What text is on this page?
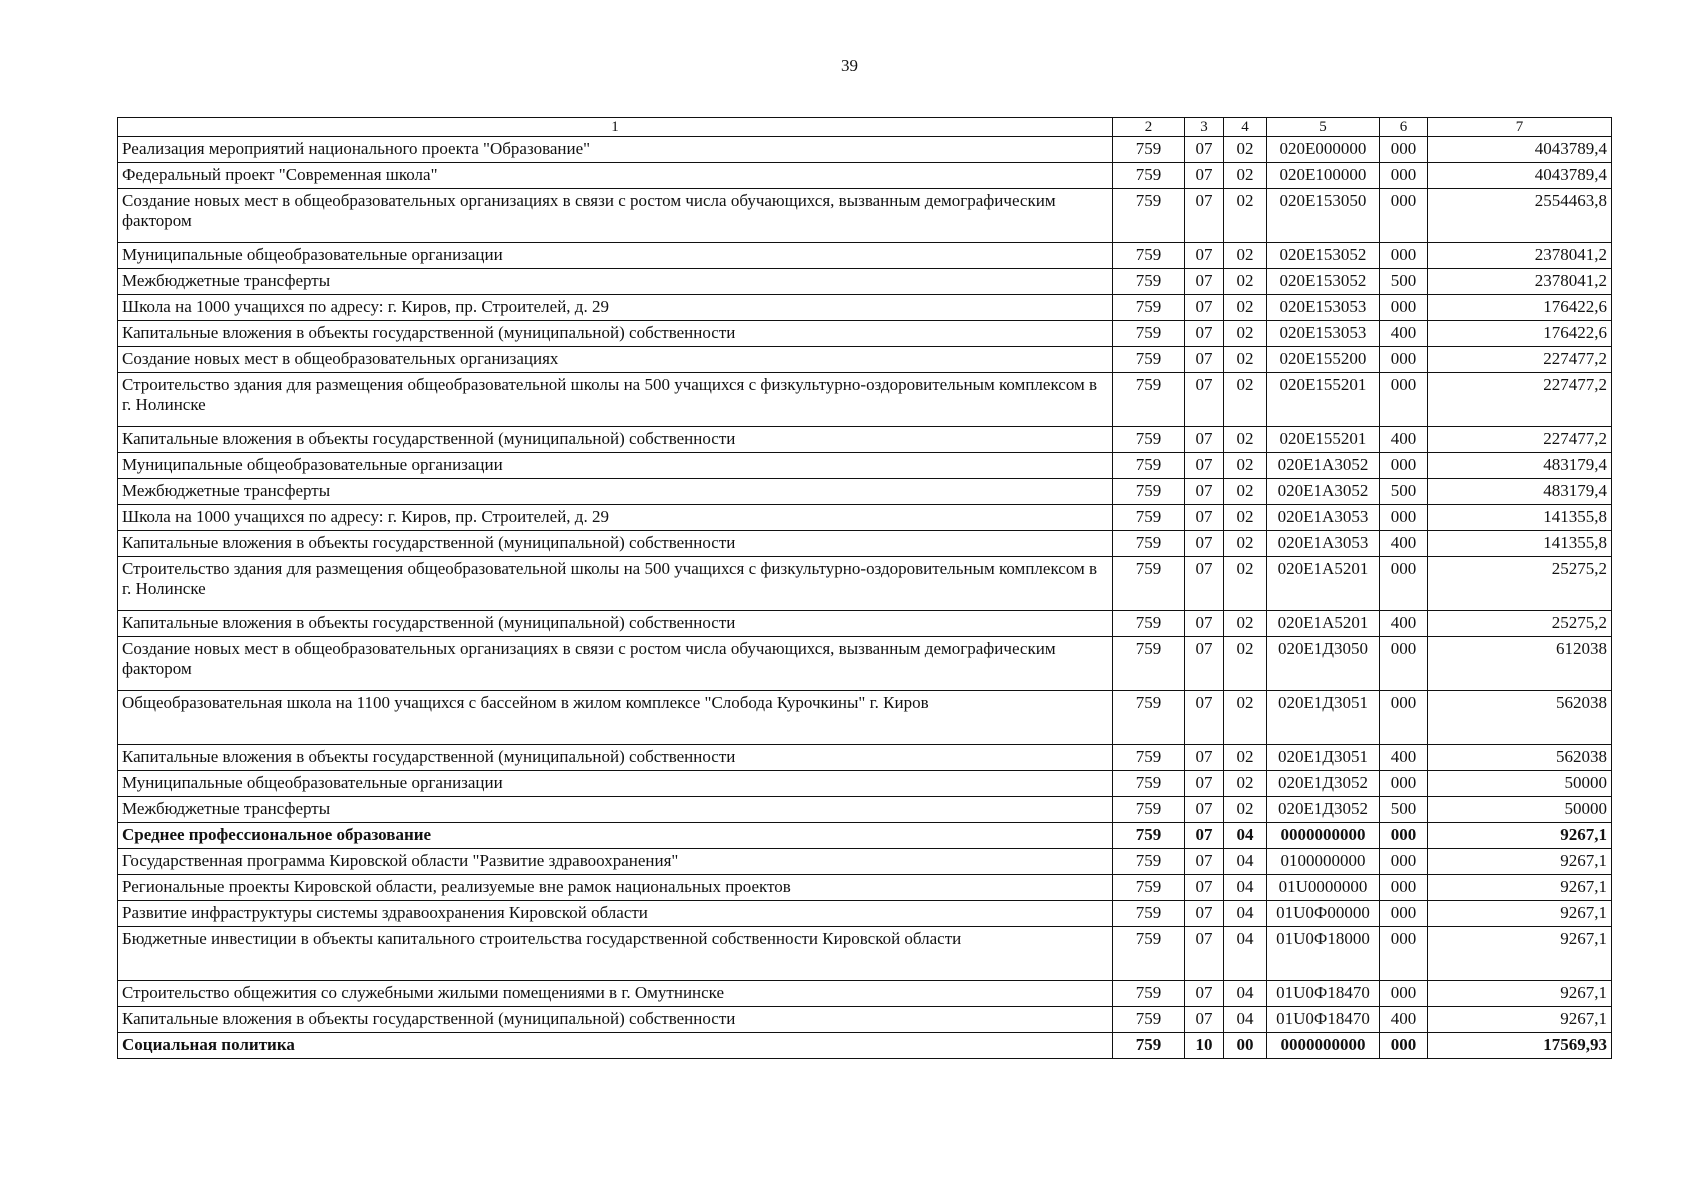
39
1	2	3	4	5	6	7
Реализация мероприятий национального проекта "Образование"	759	07	02	020E000000	000	4043789,4
Федеральный проект "Современная школа"	759	07	02	020E100000	000	4043789,4
Создание новых мест в общеобразовательных организациях в связи с ростом числа обучающихся, вызванным демографическим фактором	759	07	02	020E153050	000	2554463,8
Муниципальные общеобразовательные организации	759	07	02	020E153052	000	2378041,2
Межбюджетные трансферты	759	07	02	020E153052	500	2378041,2
Школа на 1000 учащихся по адресу: г. Киров, пр. Строителей, д. 29	759	07	02	020E153053	000	176422,6
Капитальные вложения в объекты государственной (муниципальной) собственности	759	07	02	020E153053	400	176422,6
Создание новых мест в общеобразовательных организациях	759	07	02	020E155200	000	227477,2
Строительство здания для размещения общеобразовательной школы на 500 учащихся с физкультурно-оздоровительным комплексом в г. Нолинске	759	07	02	020E155201	000	227477,2
Капитальные вложения в объекты государственной (муниципальной) собственности	759	07	02	020E155201	400	227477,2
Муниципальные общеобразовательные организации	759	07	02	020E1A3052	000	483179,4
Межбюджетные трансферты	759	07	02	020E1A3052	500	483179,4
Школа на 1000 учащихся по адресу: г. Киров, пр. Строителей, д. 29	759	07	02	020E1A3053	000	141355,8
Капитальные вложения в объекты государственной (муниципальной) собственности	759	07	02	020E1A3053	400	141355,8
Строительство здания для размещения общеобразовательной школы на 500 учащихся с физкультурно-оздоровительным комплексом в г. Нолинске	759	07	02	020E1A5201	000	25275,2
Капитальные вложения в объекты государственной (муниципальной) собственности	759	07	02	020E1A5201	400	25275,2
Создание новых мест в общеобразовательных организациях в связи с ростом числа обучающихся, вызванным демографическим фактором	759	07	02	020E1Д3050	000	612038
Общеобразовательная школа на 1100 учащихся с бассейном в жилом комплексе "Слобода Курочкины" г. Киров	759	07	02	020E1Д3051	000	562038
Капитальные вложения в объекты государственной (муниципальной) собственности	759	07	02	020E1Д3051	400	562038
Муниципальные общеобразовательные организации	759	07	02	020E1Д3052	000	50000
Межбюджетные трансферты	759	07	02	020E1Д3052	500	50000
Среднее профессиональное образование	759	07	04	0000000000	000	9267,1
Государственная программа Кировской области "Развитие здравоохранения"	759	07	04	0100000000	000	9267,1
Региональные проекты Кировской области, реализуемые вне рамок национальных проектов	759	07	04	01U0000000	000	9267,1
Развитие инфраструктуры системы здравоохранения Кировской области	759	07	04	01U0Ф00000	000	9267,1
Бюджетные инвестиции в объекты капитального строительства государственной собственности Кировской области	759	07	04	01U0Ф18000	000	9267,1
Строительство общежития со служебными жилыми помещениями в г. Омутнинске	759	07	04	01U0Ф18470	000	9267,1
Капитальные вложения в объекты государственной (муниципальной) собственности	759	07	04	01U0Ф18470	400	9267,1
Социальная политика	759	10	00	0000000000	000	17569,93
